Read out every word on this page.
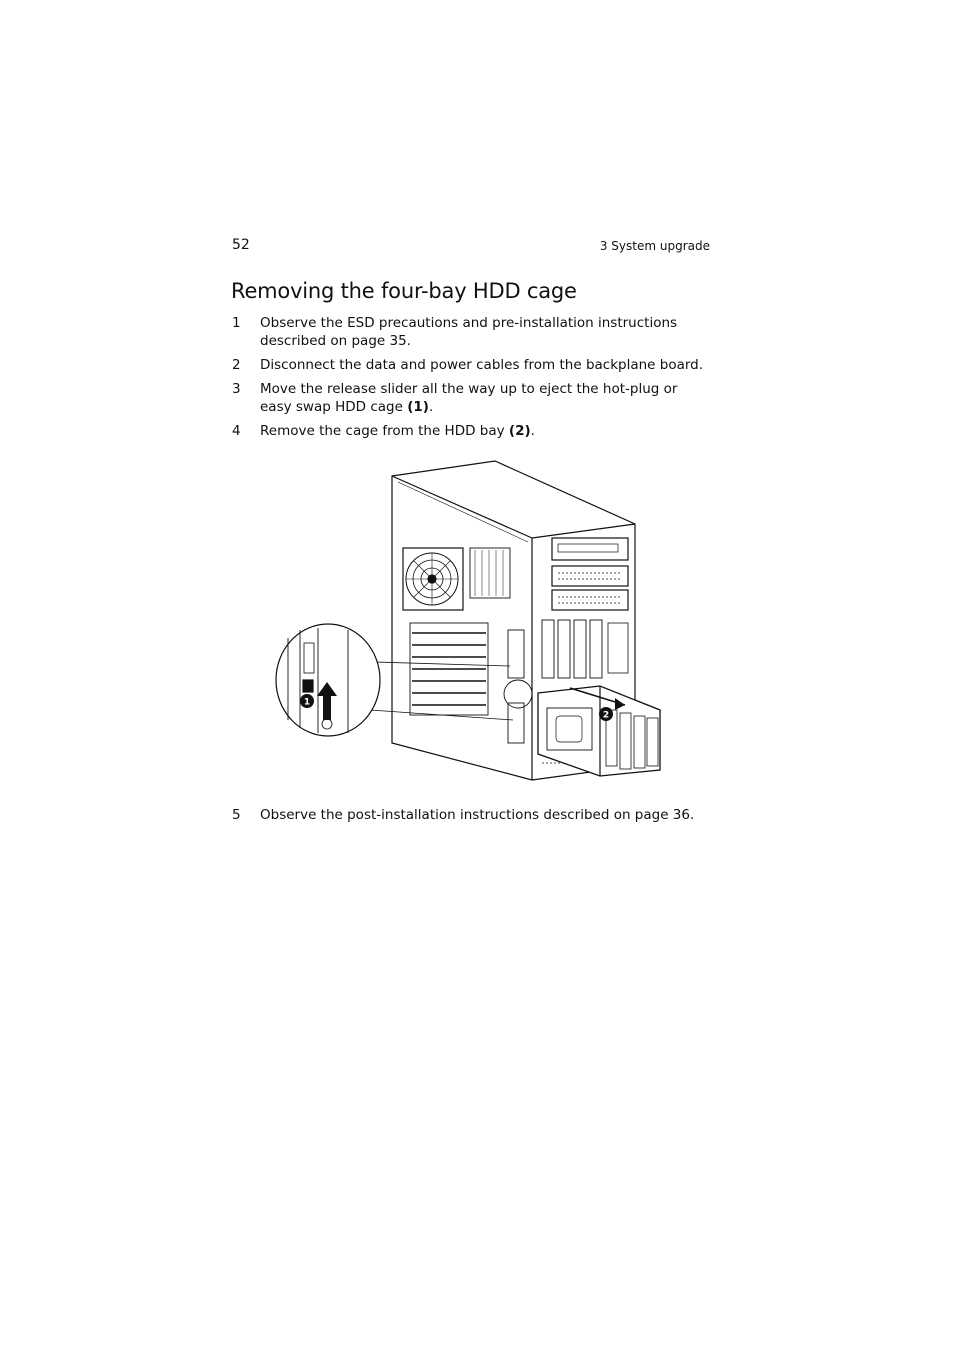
52	3 System upgrade
Removing the four-bay HDD cage
1 Observe the ESD precautions and pre-installation instructions described on page 35.
2 Disconnect the data and power cables from the backplane board.
3 Move the release slider all the way up to eject the hot-plug or easy swap HDD cage (1).
4 Remove the cage from the HDD bay (2).
1
2
5 Observe the post-installation instructions described on page 36.
